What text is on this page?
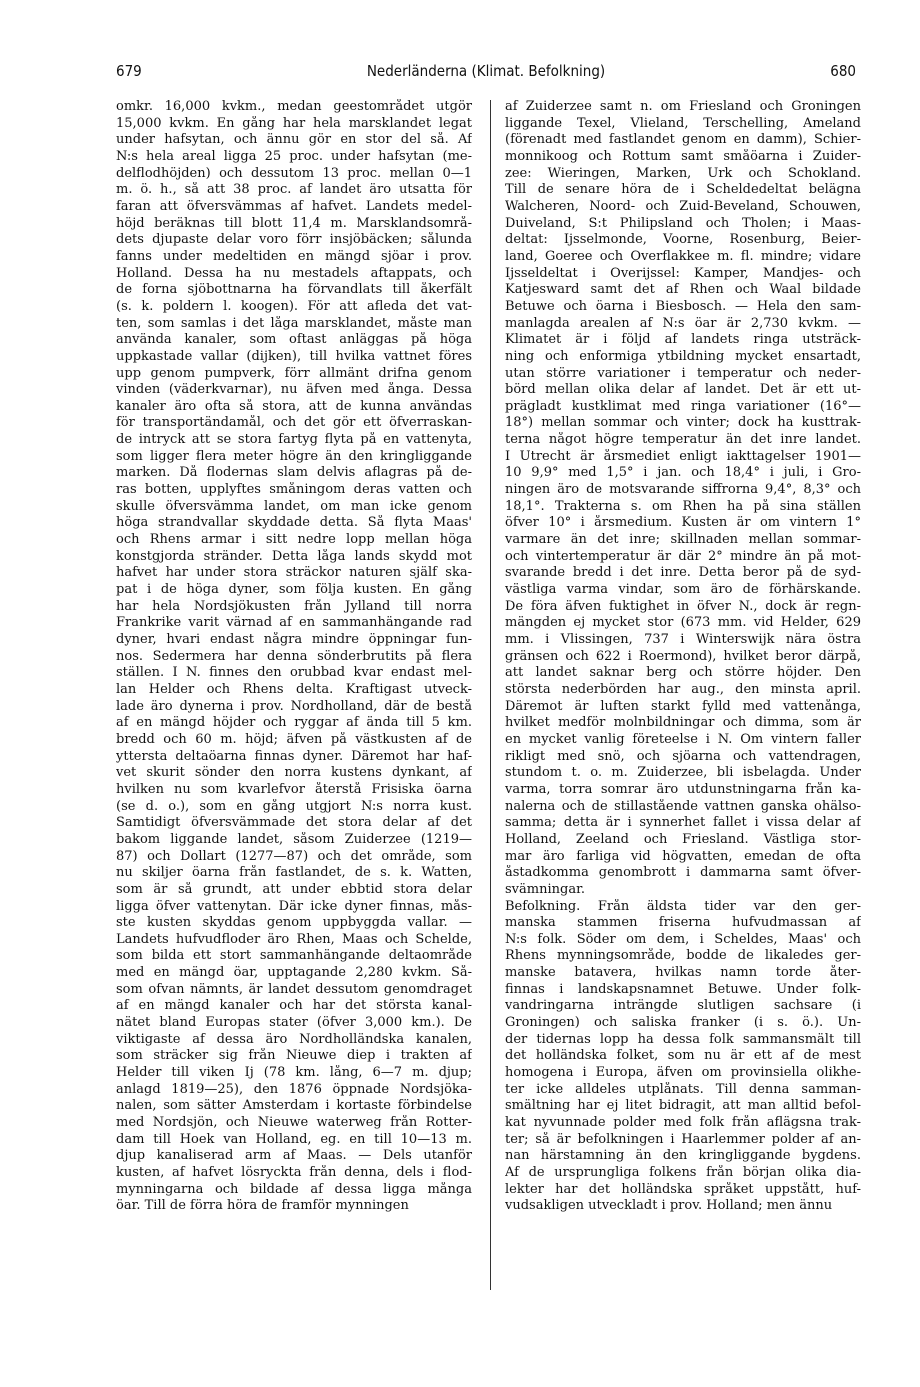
679	Nederländerna (Klimat. Befolkning)	680
omkr. 16,000 kvkm., medan geestområdet utgör
15,000 kvkm. En gång har hela marsklandet legat
under hafsytan, och ännu gör en stor del så. Af
N:s hela areal ligga 25 proc. under hafsytan (me-
delflodhöjden) och dessutom 13 proc. mellan 0—1
m. ö. h., så att 38 proc. af landet äro utsatta för
faran att öfversvämmas af hafvet. Landets medel-
höjd beräknas till blott 11,4 m. Marsklandsområ-
dets djupaste delar voro förr insjöbäcken; sålunda
fanns under medeltiden en mängd sjöar i prov.
Holland. Dessa ha nu mestadels aftappats, och
de forna sjöbottnarna ha förvandlats till åkerfält
(s. k. poldern l. koogen). För att afleda det vat-
ten, som samlas i det låga marsklandet, måste man
använda kanaler, som oftast anläggas på höga
uppkastade vallar (dijken), till hvilka vattnet föres
upp genom pumpverk, förr allmänt drifna genom
vinden (väderkvarnar), nu äfven med ånga. Dessa
kanaler äro ofta så stora, att de kunna användas
för transportändamål, och det gör ett öfverraskan-
de intryck att se stora fartyg flyta på en vattenyta,
som ligger flera meter högre än den kringliggande
marken. Då flodernas slam delvis aflagras på de-
ras botten, upplyftes småningom deras vatten och
skulle öfversvämma landet, om man icke genom
höga strandvallar skyddade detta. Så flyta Maas'
och Rhens armar i sitt nedre lopp mellan höga
konstgjorda stränder. Detta låga lands skydd mot
hafvet har under stora sträckor naturen själf ska-
pat i de höga dyner, som följa kusten. En gång
har hela Nordsjökusten från Jylland till norra
Frankrike varit värnad af en sammanhängande rad
dyner, hvari endast några mindre öppningar fun-
nos. Sedermera har denna sönderbrutits på flera
ställen. I N. finnes den orubbad kvar endast mel-
lan Helder och Rhens delta. Kraftigast utveck-
lade äro dynerna i prov. Nordholland, där de bestå
af en mängd höjder och ryggar af ända till 5 km.
bredd och 60 m. höjd; äfven på västkusten af de
yttersta deltaöarna finnas dyner. Däremot har haf-
vet skurit sönder den norra kustens dynkant, af
hvilken nu som kvarlefvor återstå Frisiska öarna
(se d. o.), som en gång utgjort N:s norra kust.
Samtidigt öfversvämmade det stora delar af det
bakom liggande landet, såsom Zuiderzee (1219—
87) och Dollart (1277—87) och det område, som
nu skiljer öarna från fastlandet, de s. k. Watten,
som är så grundt, att under ebbtid stora delar
ligga öfver vattenytan. Där icke dyner finnas, mås-
ste kusten skyddas genom uppbyggda vallar. —
Landets hufvudfloder äro Rhen, Maas och Schelde,
som bilda ett stort sammanhängande deltaområde
med en mängd öar, upptagande 2,280 kvkm. Så-
som ofvan nämnts, är landet dessutom genomdraget
af en mängd kanaler och har det största kanal-
nätet bland Europas stater (öfver 3,000 km.). De
viktigaste af dessa äro Nordholländska kanalen,
som sträcker sig från Nieuwe diep i trakten af
Helder till viken Ij (78 km. lång, 6—7 m. djup;
anlagd 1819—25), den 1876 öppnade Nordsjöka-
nalen, som sätter Amsterdam i kortaste förbindelse
med Nordsjön, och Nieuwe waterweg från Rotter-
dam till Hoek van Holland, eg. en till 10—13 m.
djup kanaliserad arm af Maas. — Dels utanför
kusten, af hafvet lösryckta från denna, dels i flod-
mynningarna och bildade af dessa ligga många
öar. Till de förra höra de framför mynningen
af Zuiderzee samt n. om Friesland och Groningen
liggande Texel, Vlieland, Terschelling, Ameland
(förenadt med fastlandet genom en damm), Schier-
monnikoog och Rottum samt småöarna i Zuider-
zee: Wieringen, Marken, Urk och Schokland.
Till de senare höra de i Scheldedeltat belägna
Walcheren, Noord- och Zuid-Beveland, Schouwen,
Duiveland, S:t Philipsland och Tholen; i Maas-
deltat: Ijsselmonde, Voorne, Rosenburg, Beier-
land, Goeree och Overflakkee m. fl. mindre; vidare
Ijsseldeltat i Overijssel: Kamper, Mandjes- och
Katjesward samt det af Rhen och Waal bildade
Betuwe och öarna i Biesbosch. — Hela den sam-
manlagda arealen af N:s öar är 2,730 kvkm. —
Klimatet är i följd af landets ringa utsträck-
ning och enformiga ytbildning mycket ensartadt,
utan större variationer i temperatur och neder-
börd mellan olika delar af landet. Det är ett ut-
prägladt kustklimat med ringa variationer (16°—
18°) mellan sommar och vinter; dock ha kusttrak-
terna något högre temperatur än det inre landet.
I Utrecht är årsmediet enligt iakttagelser 1901—
10 9,9° med 1,5° i jan. och 18,4° i juli, i Gro-
ningen äro de motsvarande siffrorna 9,4°, 8,3° och
18,1°. Trakterna s. om Rhen ha på sina ställen
öfver 10° i årsmedium. Kusten är om vintern 1°
varmare än det inre; skillnaden mellan sommar-
och vintertemperatur är där 2° mindre än på mot-
svarande bredd i det inre. Detta beror på de syd-
västliga varma vindar, som äro de förhärskande.
De föra äfven fuktighet in öfver N., dock är regn-
mängden ej mycket stor (673 mm. vid Helder, 629
mm. i Vlissingen, 737 i Winterswijk nära östra
gränsen och 622 i Roermond), hvilket beror därpå,
att landet saknar berg och större höjder. Den
största nederbörden har aug., den minsta april.
Däremot är luften starkt fylld med vattenånga,
hvilket medför molnbildningar och dimma, som är
en mycket vanlig företeelse i N. Om vintern faller
rikligt med snö, och sjöarna och vattendragen,
stundom t. o. m. Zuiderzee, bli isbelagda. Under
varma, torra somrar äro utdunstningarna från ka-
nalerna och de stillastående vattnen ganska ohälso-
samma; detta är i synnerhet fallet i vissa delar af
Holland, Zeeland och Friesland. Västliga stor-
mar äro farliga vid högvatten, emedan de ofta
åstadkomma genombrott i dammarna samt öfver-
svämningar.
Befolkning. Från äldsta tider var den ger-
manska stammen friserna hufvudmassan af
N:s folk. Söder om dem, i Scheldes, Maas' och
Rhens mynningsområde, bodde de likaledes ger-
manske batavera, hvilkas namn torde åter-
finnas i landskapsnamnet Betuwe. Under folk-
vandringarna inträngde slutligen sachsare (i
Groningen) och saliska franker (i s. ö.). Un-
der tidernas lopp ha dessa folk sammansmält till
det holländska folket, som nu är ett af de mest
homogena i Europa, äfven om provinsiella olikhe-
ter icke alldeles utplånats. Till denna samman-
smältning har ej litet bidragit, att man alltid befol-
kat nyvunnade polder med folk från aflägsna trak-
ter; så är befolkningen i Haarlemmer polder af an-
nan härstamning än den kringliggande bygdens.
Af de ursprungliga folkens från början olika dia-
lekter har det holländska språket uppstått, huf-
vudsakligen utveckladt i prov. Holland; men ännu
